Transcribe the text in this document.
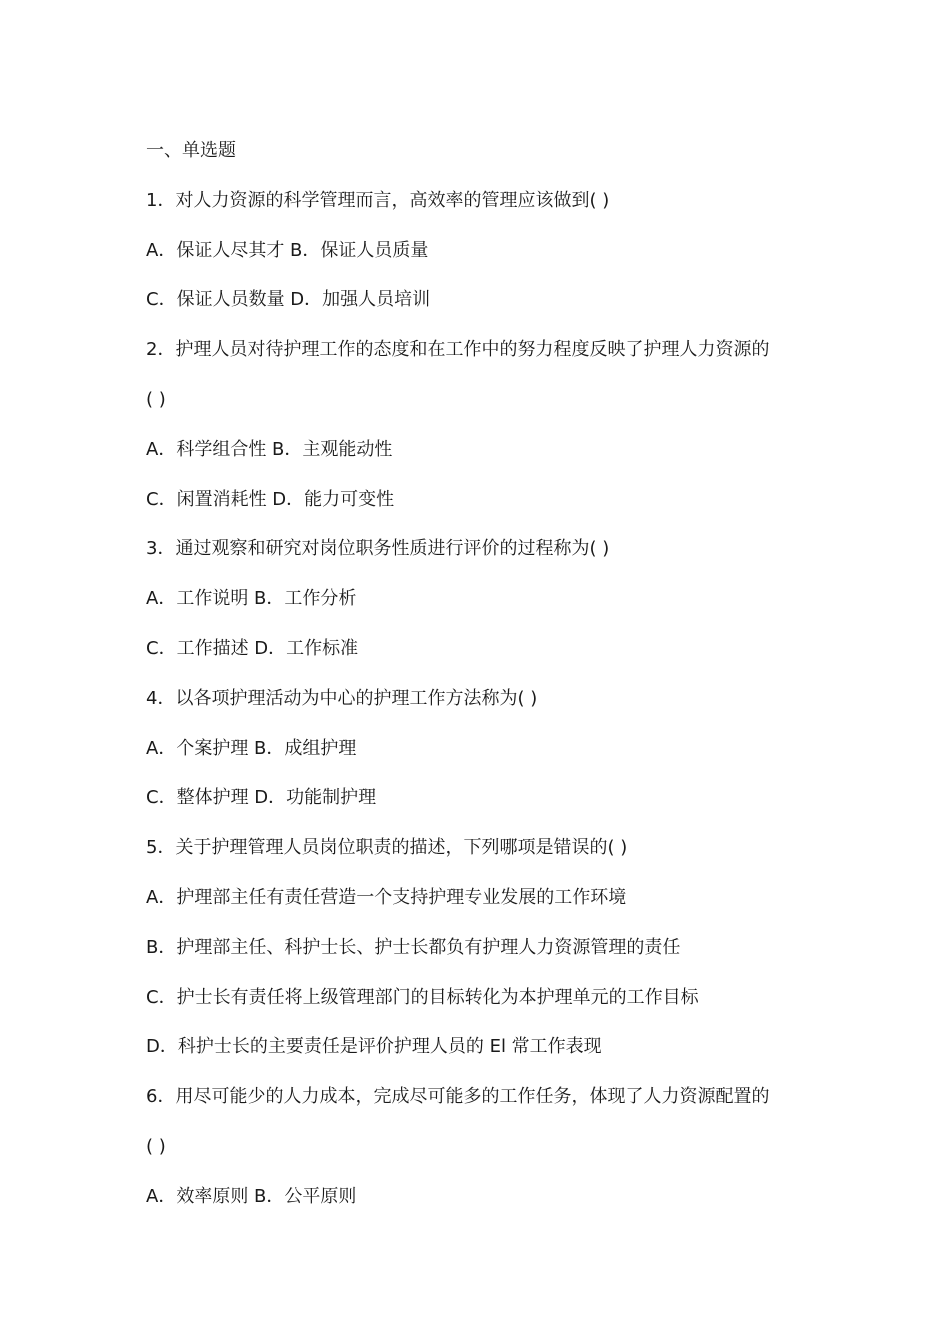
一、单选题
1．对人力资源的科学管理而言，高效率的管理应该做到( )
A．保证人尽其才 B．保证人员质量
C．保证人员数量 D．加强人员培训
2．护理人员对待护理工作的态度和在工作中的努力程度反映了护理人力资源的
( )
A．科学组合性 B．主观能动性
C．闲置消耗性 D．能力可变性
3．通过观察和研究对岗位职务性质进行评价的过程称为( )
A．工作说明 B．工作分析
C．工作描述 D．工作标准
4．以各项护理活动为中心的护理工作方法称为( )
A．个案护理 B．成组护理
C．整体护理 D．功能制护理
5．关于护理管理人员岗位职责的描述，下列哪项是错误的( )
A．护理部主任有责任营造一个支持护理专业发展的工作环境
B．护理部主任、科护士长、护士长都负有护理人力资源管理的责任
C．护士长有责任将上级管理部门的目标转化为本护理单元的工作目标
D．科护士长的主要责任是评价护理人员的 El 常工作表现
6．用尽可能少的人力成本，完成尽可能多的工作任务，体现了人力资源配置的
( )
A．效率原则 B．公平原则
